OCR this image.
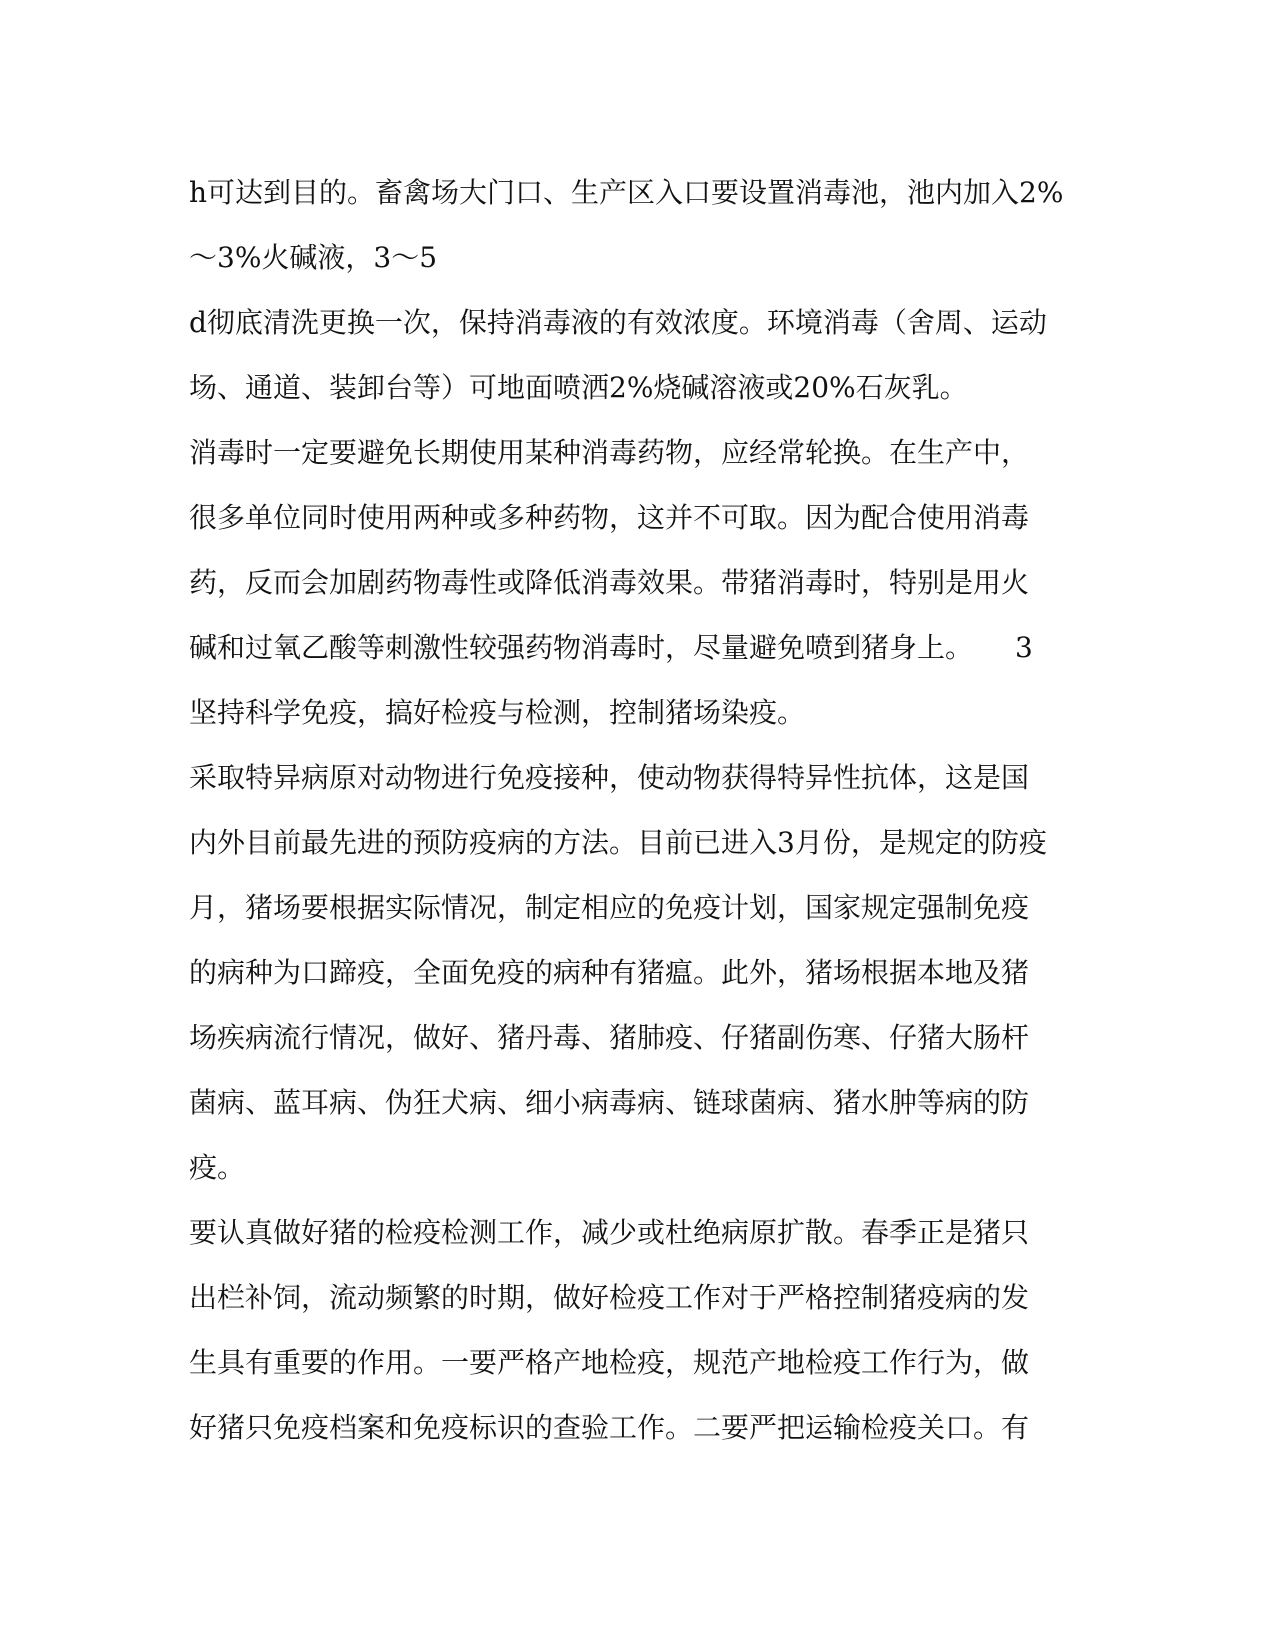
h可达到目的。畜禽场大门口、生产区入口要设置消毒池，池内加入2%
～3%火碱液，3～5
d彻底清洗更换一次，保持消毒液的有效浓度。环境消毒（舍周、运动
场、通道、装卸台等）可地面喷洒2%烧碱溶液或20%石灰乳。
消毒时一定要避免长期使用某种消毒药物，应经常轮换。在生产中，
很多单位同时使用两种或多种药物，这并不可取。因为配合使用消毒
药，反而会加剧药物毒性或降低消毒效果。带猪消毒时，特别是用火
碱和过氧乙酸等刺激性较强药物消毒时，尽量避免喷到猪身上。　　3
坚持科学免疫，搞好检疫与检测，控制猪场染疫。
采取特异病原对动物进行免疫接种，使动物获得特异性抗体，这是国
内外目前最先进的预防疫病的方法。目前已进入3月份，是规定的防疫
月，猪场要根据实际情况，制定相应的免疫计划，国家规定强制免疫
的病种为口蹄疫，全面免疫的病种有猪瘟。此外，猪场根据本地及猪
场疾病流行情况，做好、猪丹毒、猪肺疫、仔猪副伤寒、仔猪大肠杆
菌病、蓝耳病、伪狂犬病、细小病毒病、链球菌病、猪水肿等病的防
疫。
要认真做好猪的检疫检测工作，减少或杜绝病原扩散。春季正是猪只
出栏补饲，流动频繁的时期，做好检疫工作对于严格控制猪疫病的发
生具有重要的作用。一要严格产地检疫，规范产地检疫工作行为，做
好猪只免疫档案和免疫标识的查验工作。二要严把运输检疫关口。有
